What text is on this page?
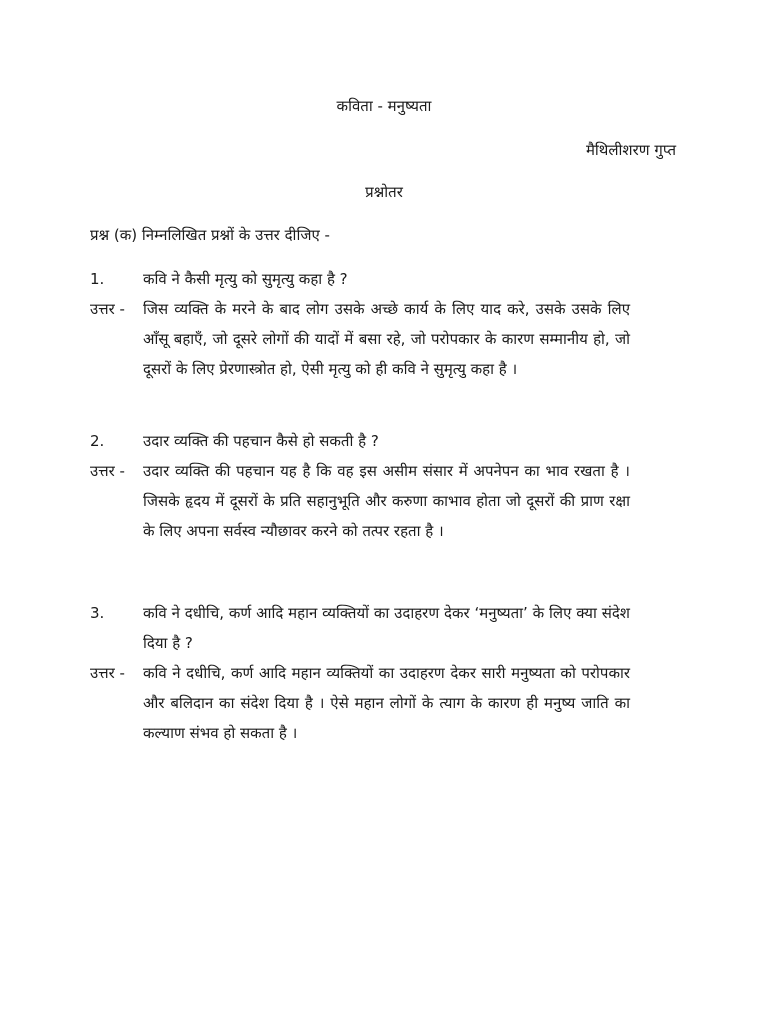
कविता - मनुष्यता
मैथिलीशरण गुप्त
प्रश्नोतर
प्रश्न (क) निम्नलिखित प्रश्नों के उत्तर दीजिए -
1.	कवि ने कैसी मृत्यु को सुमृत्यु कहा है ?
उत्तर -	जिस व्यक्ति के मरने के बाद लोग उसके अच्छे कार्य के लिए याद करे, उसके उसके लिए आँसू बहाएँ, जो दूसरे लोगों की यादों में बसा रहे, जो परोपकार के कारण सम्मानीय हो, जो दूसरों के लिए प्रेरणास्त्रोत हो, ऐसी मृत्यु को ही कवि ने सुमृत्यु कहा है ।
2.	उदार व्यक्ति की पहचान कैसे हो सकती है ?
उत्तर -	उदार व्यक्ति की पहचान यह है कि वह इस असीम संसार में अपनेपन का भाव रखता है । जिसके हृदय में दूसरों के प्रति सहानुभूति और करुणा काभाव होता जो दूसरों की प्राण रक्षा के लिए अपना सर्वस्व न्यौछावर करने को तत्पर रहता है ।
3.	कवि ने दधीचि, कर्ण आदि महान व्यक्तियों का उदाहरण देकर ‘मनुष्यता’ के लिए क्या संदेश दिया है ?
उत्तर -	कवि ने दधीचि, कर्ण आदि महान व्यक्तियों का उदाहरण देकर सारी मनुष्यता को परोपकार और बलिदान का संदेश दिया है । ऐसे महान लोगों के त्याग के कारण ही मनुष्य जाति का कल्याण संभव हो सकता है ।
